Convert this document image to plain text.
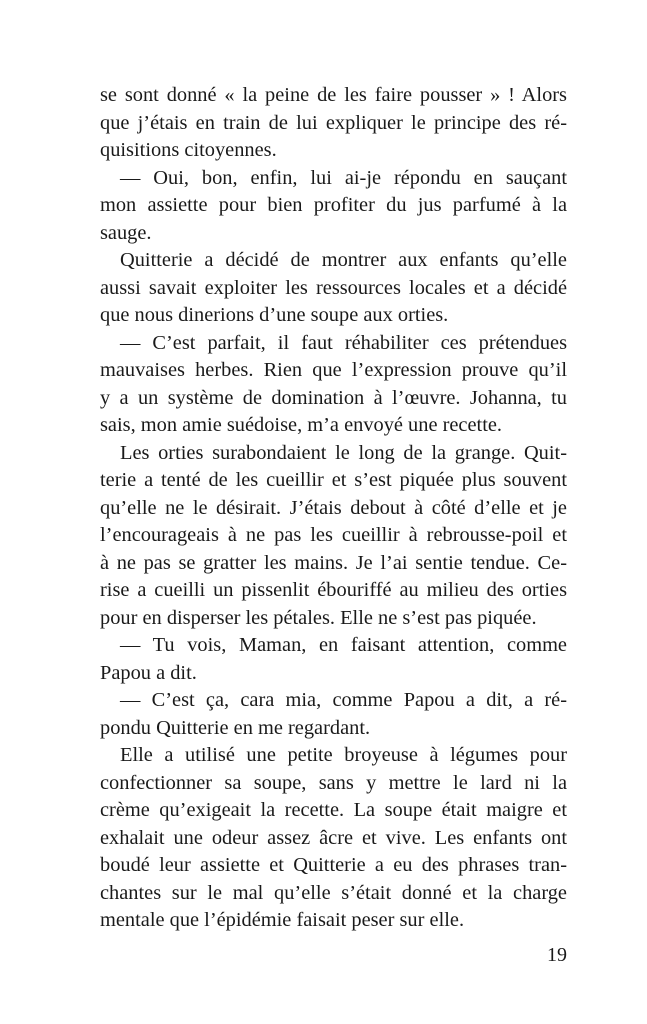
se sont donné « la peine de les faire pousser » ! Alors
que j’étais en train de lui expliquer le principe des ré-
quisitions citoyennes.
— Oui, bon, enfin, lui ai-je répondu en sauçant
mon assiette pour bien profiter du jus parfumé à la
sauge.
Quitterie a décidé de montrer aux enfants qu’elle
aussi savait exploiter les ressources locales et a décidé
que nous dinerions d’une soupe aux orties.
— C’est parfait, il faut réhabiliter ces prétendues
mauvaises herbes. Rien que l’expression prouve qu’il
y a un système de domination à l’œuvre. Johanna, tu
sais, mon amie suédoise, m’a envoyé une recette.
Les orties surabondaient le long de la grange. Quit-
terie a tenté de les cueillir et s’est piquée plus souvent
qu’elle ne le désirait. J’étais debout à côté d’elle et je
l’encourageais à ne pas les cueillir à rebrousse-poil et
à ne pas se gratter les mains. Je l’ai sentie tendue. Ce-
rise a cueilli un pissenlit ébouriffé au milieu des orties
pour en disperser les pétales. Elle ne s’est pas piquée.
— Tu vois, Maman, en faisant attention, comme
Papou a dit.
— C’est ça, cara mia, comme Papou a dit, a ré-
pondu Quitterie en me regardant.
Elle a utilisé une petite broyeuse à légumes pour
confectionner sa soupe, sans y mettre le lard ni la
crème qu’exigeait la recette. La soupe était maigre et
exhalait une odeur assez âcre et vive. Les enfants ont
boudé leur assiette et Quitterie a eu des phrases tran-
chantes sur le mal qu’elle s’était donné et la charge
mentale que l’épidémie faisait peser sur elle.
19
